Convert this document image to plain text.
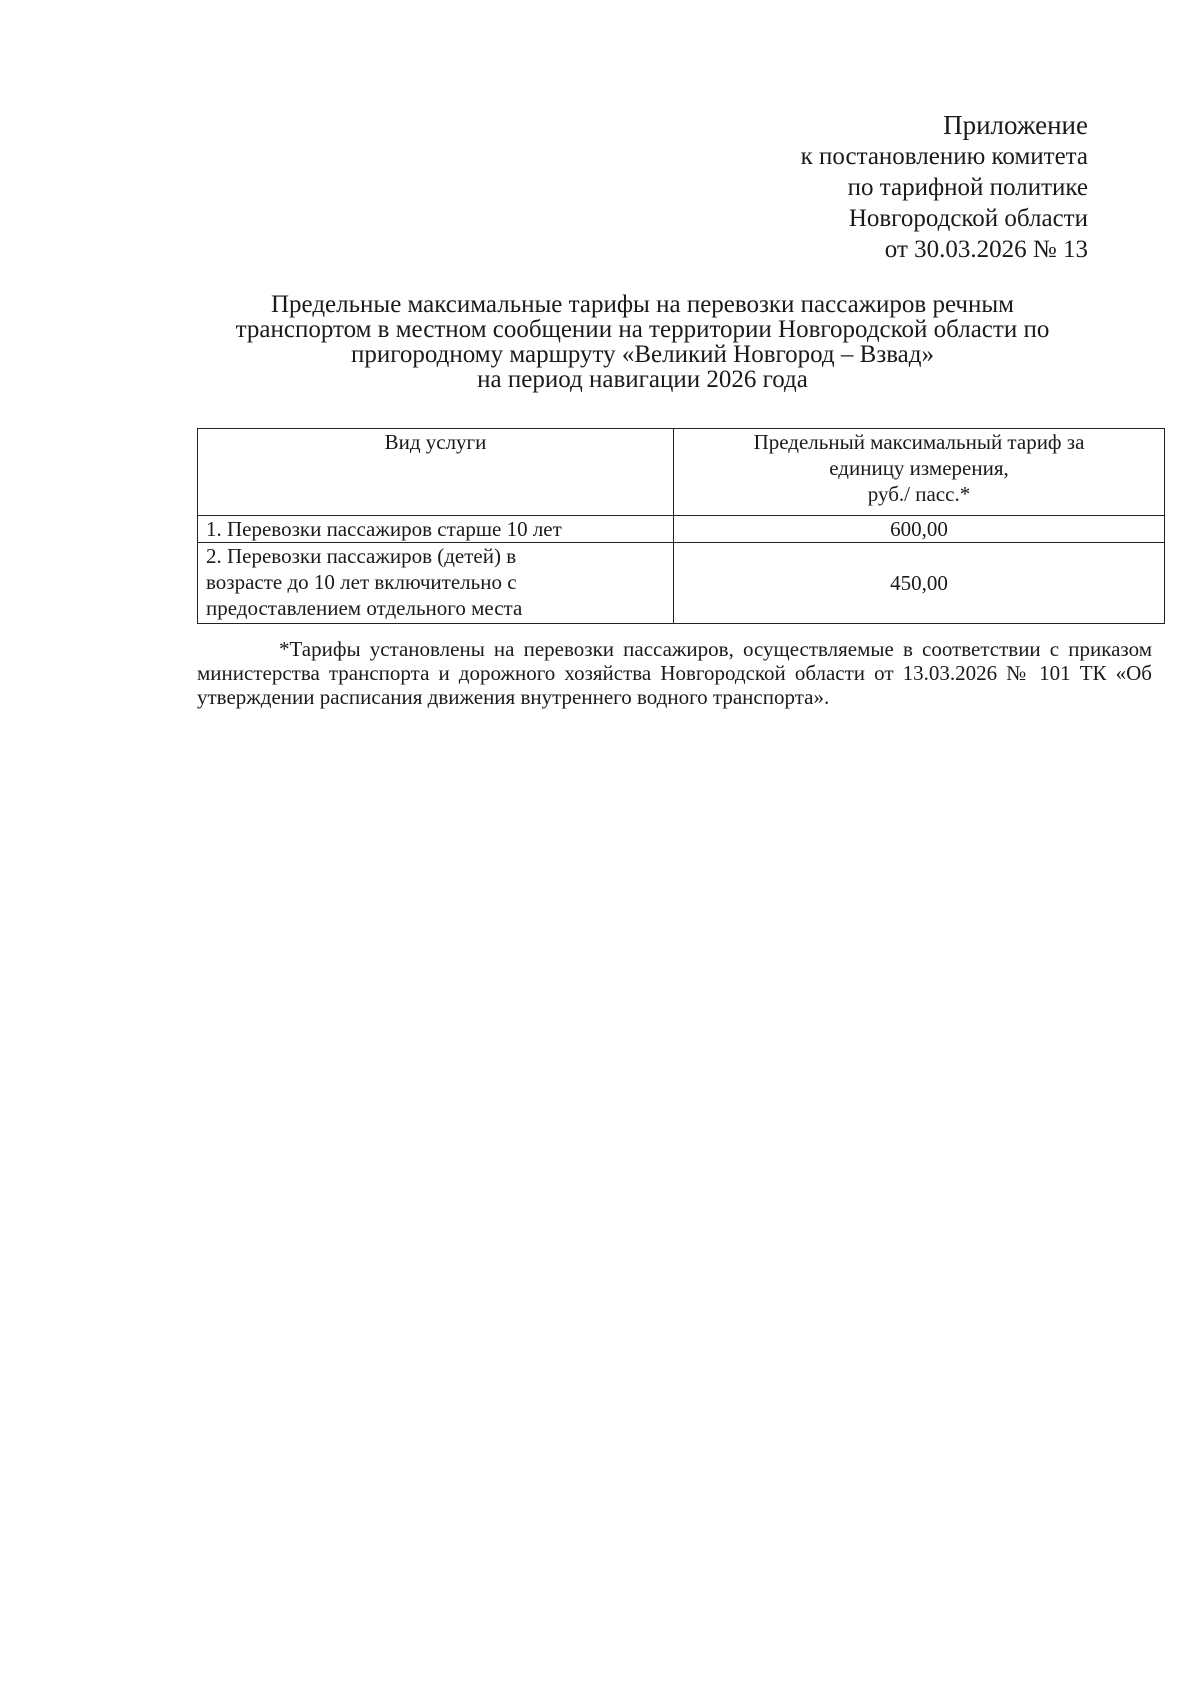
Приложение
к постановлению комитета
по тарифной политике
Новгородской области
от 30.03.2026 № 13
Предельные максимальные тарифы на перевозки пассажиров речным
транспортом в местном сообщении на территории Новгородской области по
пригородному маршруту «Великий Новгород – Взвад»
на период навигации 2026 года
Вид услуги	Предельный максимальный тариф за
единицу измерения,
руб./ пасс.*

1. Перевозки пассажиров старше 10 лет	600,00

2. Перевозки пассажиров (детей) в
возрасте до 10 лет включительно с
предоставлением отдельного места	450,00
*Тарифы установлены на перевозки пассажиров, осуществляемые в соответствии с приказом министерства транспорта и дорожного хозяйства Новгородской области от 13.03.2026 № 101 ТК «Об утверждении расписания движения внутреннего водного транспорта».
